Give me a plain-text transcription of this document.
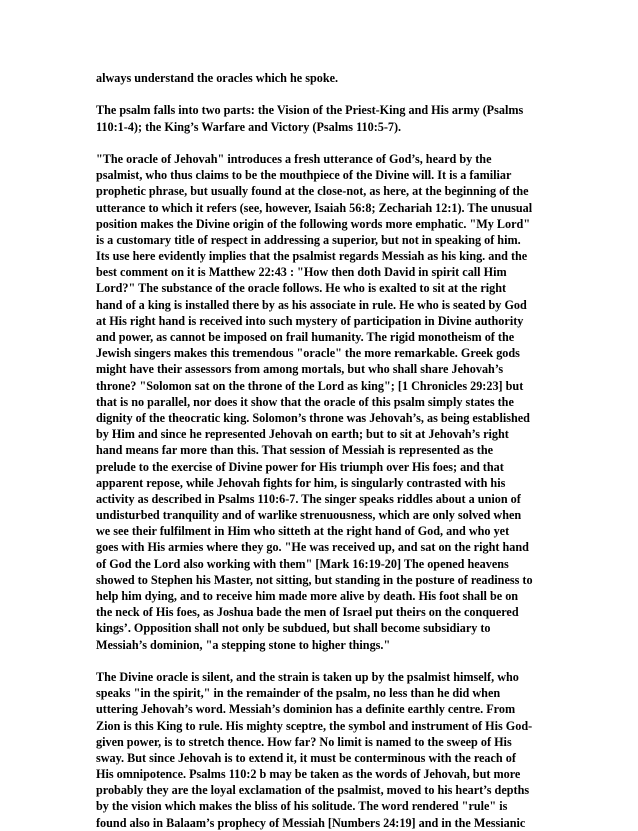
always understand the oracles which he spoke.
The psalm falls into two parts: the Vision of the Priest-King and His army (Psalms
110:1-4); the King’s Warfare and Victory (Psalms 110:5-7).
"The oracle of Jehovah" introduces a fresh utterance of God’s, heard by the
psalmist, who thus claims to be the mouthpiece of the Divine will. It is a familiar
prophetic phrase, but usually found at the close-not, as here, at the beginning of the
utterance to which it refers (see, however, Isaiah 56:8; Zechariah 12:1). The unusual
position makes the Divine origin of the following words more emphatic. "My Lord"
is a customary title of respect in addressing a superior, but not in speaking of him.
Its use here evidently implies that the psalmist regards Messiah as his king. and the
best comment on it is Matthew 22:43 : "How then doth David in spirit call Him
Lord?" The substance of the oracle follows. He who is exalted to sit at the right
hand of a king is installed there by as his associate in rule. He who is seated by God
at His right hand is received into such mystery of participation in Divine authority
and power, as cannot be imposed on frail humanity. The rigid monotheism of the
Jewish singers makes this tremendous "oracle" the more remarkable. Greek gods
might have their assessors from among mortals, but who shall share Jehovah’s
throne? "Solomon sat on the throne of the Lord as king"; [1 Chronicles 29:23] but
that is no parallel, nor does it show that the oracle of this psalm simply states the
dignity of the theocratic king. Solomon’s throne was Jehovah’s, as being established
by Him and since he represented Jehovah on earth; but to sit at Jehovah’s right
hand means far more than this. That session of Messiah is represented as the
prelude to the exercise of Divine power for His triumph over His foes; and that
apparent repose, while Jehovah fights for him, is singularly contrasted with his
activity as described in Psalms 110:6-7. The singer speaks riddles about a union of
undisturbed tranquility and of warlike strenuousness, which are only solved when
we see their fulfilment in Him who sitteth at the right hand of God, and who yet
goes with His armies where they go. "He was received up, and sat on the right hand
of God the Lord also working with them" [Mark 16:19-20] The opened heavens
showed to Stephen his Master, not sitting, but standing in the posture of readiness to
help him dying, and to receive him made more alive by death. His foot shall be on
the neck of His foes, as Joshua bade the men of Israel put theirs on the conquered
kings’. Opposition shall not only be subdued, but shall become subsidiary to
Messiah’s dominion, "a stepping stone to higher things."
The Divine oracle is silent, and the strain is taken up by the psalmist himself, who
speaks "in the spirit," in the remainder of the psalm, no less than he did when
uttering Jehovah’s word. Messiah’s dominion has a definite earthly centre. From
Zion is this King to rule. His mighty sceptre, the symbol and instrument of His God-
given power, is to stretch thence. How far? No limit is named to the sweep of His
sway. But since Jehovah is to extend it, it must be conterminous with the reach of
His omnipotence. Psalms 110:2 b may be taken as the words of Jehovah, but more
probably they are the loyal exclamation of the psalmist, moved to his heart’s depths
by the vision which makes the bliss of his solitude. The word rendered "rule" is
found also in Balaam’s prophecy of Messiah [Numbers 24:19] and in the Messianic
